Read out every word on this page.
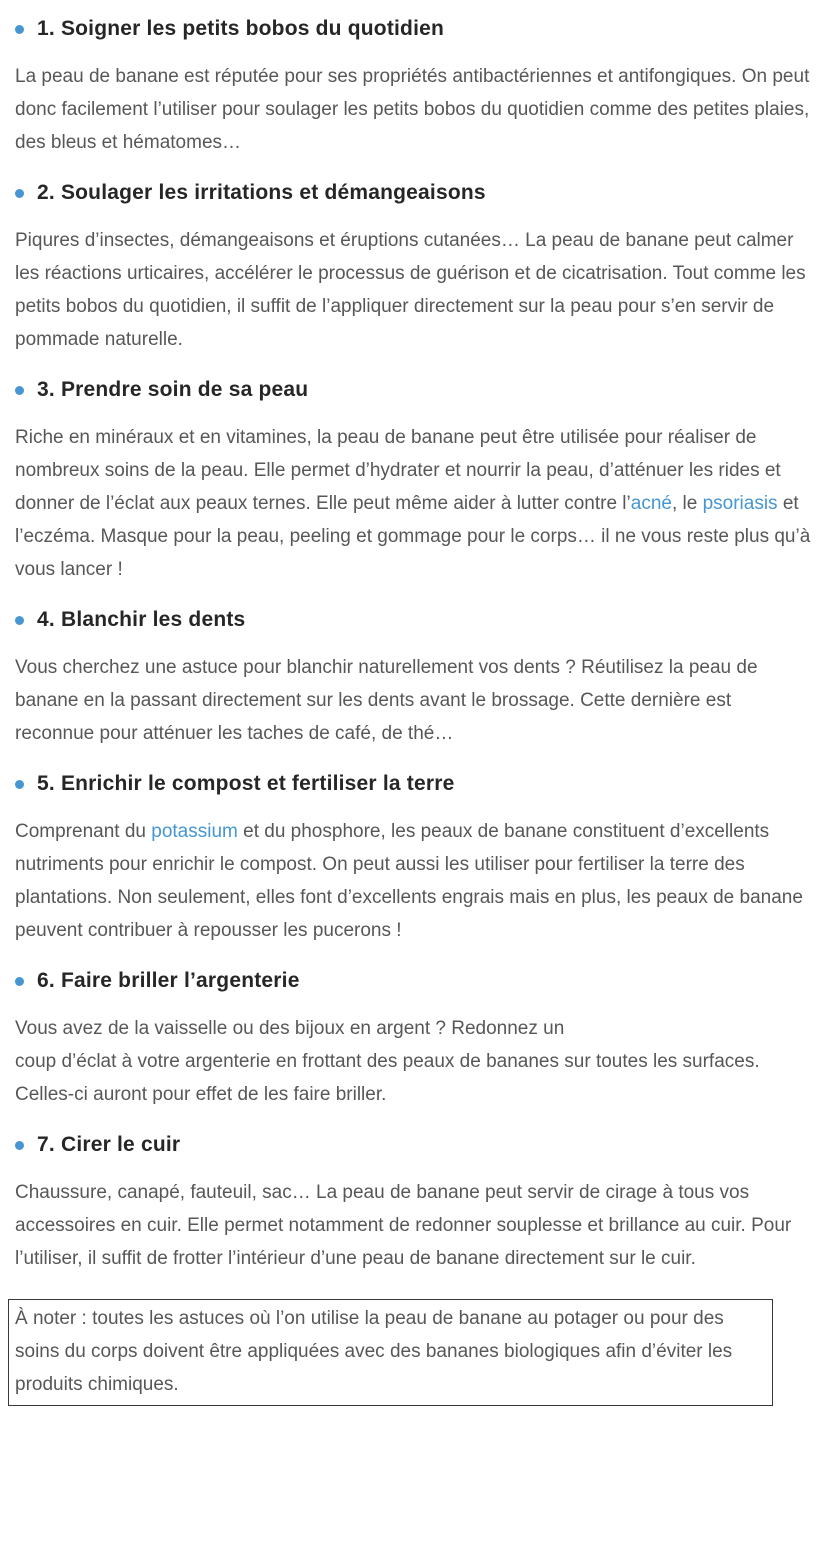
1. Soigner les petits bobos du quotidien

La peau de banane est réputée pour ses propriétés antibactériennes et antifongiques. On peut donc facilement l’utiliser pour soulager les petits bobos du quotidien comme des petites plaies, des bleus et hématomes…

2. Soulager les irritations et démangeaisons

Piqures d’insectes, démangeaisons et éruptions cutanées… La peau de banane peut calmer les réactions urticaires, accélérer le processus de guérison et de cicatrisation. Tout comme les petits bobos du quotidien, il suffit de l’appliquer directement sur la peau pour s’en servir de pommade naturelle.

3. Prendre soin de sa peau

Riche en minéraux et en vitamines, la peau de banane peut être utilisée pour réaliser de nombreux soins de la peau. Elle permet d’hydrater et nourrir la peau, d’atténuer les rides et donner de l’éclat aux peaux ternes. Elle peut même aider à lutter contre l’acné, le psoriasis et l’eczéma. Masque pour la peau, peeling et gommage pour le corps… il ne vous reste plus qu’à vous lancer !

4. Blanchir les dents

Vous cherchez une astuce pour blanchir naturellement vos dents ? Réutilisez la peau de banane en la passant directement sur les dents avant le brossage. Cette dernière est reconnue pour atténuer les taches de café, de thé…

5. Enrichir le compost et fertiliser la terre

Comprenant du potassium et du phosphore, les peaux de banane constituent d’excellents nutriments pour enrichir le compost. On peut aussi les utiliser pour fertiliser la terre des plantations. Non seulement, elles font d’excellents engrais mais en plus, les peaux de banane peuvent contribuer à repousser les pucerons !

6. Faire briller l’argenterie

Vous avez de la vaisselle ou des bijoux en argent ? Redonnez un
coup d’éclat à votre argenterie en frottant des peaux de bananes sur toutes les surfaces. Celles-ci auront pour effet de les faire briller.

7. Cirer le cuir

Chaussure, canapé, fauteuil, sac… La peau de banane peut servir de cirage à tous vos accessoires en cuir. Elle permet notamment de redonner souplesse et brillance au cuir. Pour l’utiliser, il suffit de frotter l’intérieur d’une peau de banane directement sur le cuir.

À noter : toutes les astuces où l’on utilise la peau de banane au potager ou pour des soins du corps doivent être appliquées avec des bananes biologiques afin d’éviter les produits chimiques.
